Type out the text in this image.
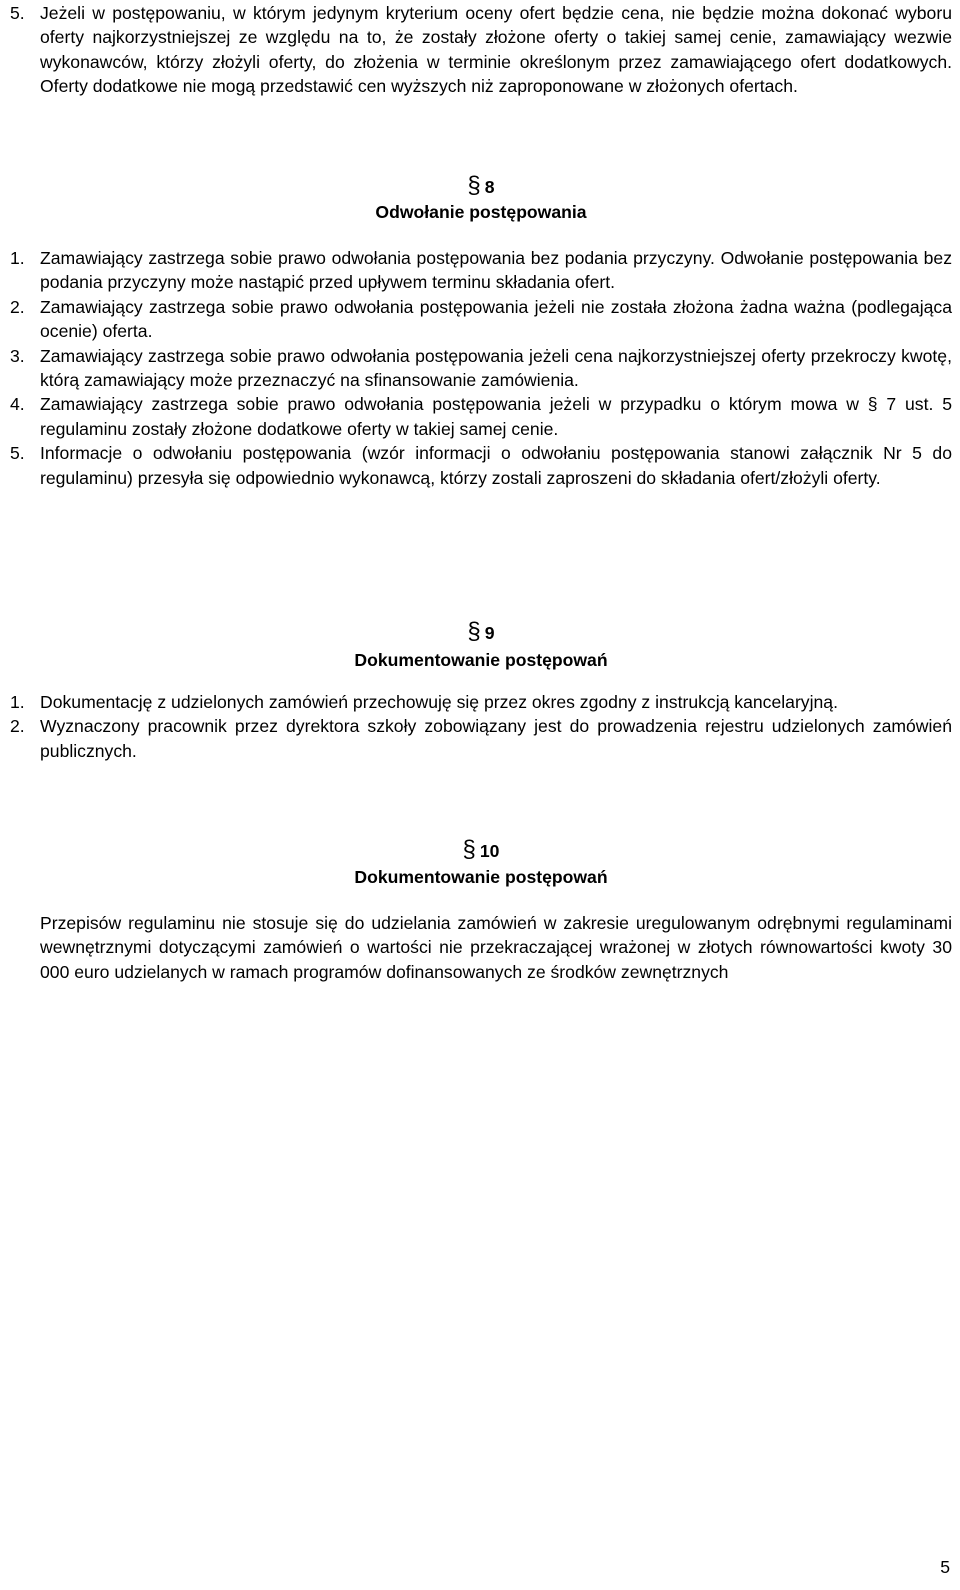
5. Jeżeli w postępowaniu, w którym jedynym kryterium oceny ofert będzie cena, nie będzie można dokonać wyboru oferty najkorzystniejszej ze względu na to, że zostały złożone oferty o takiej samej cenie, zamawiający wezwie wykonawców, którzy złożyli oferty, do złożenia w terminie określonym przez zamawiającego ofert dodatkowych. Oferty dodatkowe nie mogą przedstawić cen wyższych niż zaproponowane w złożonych ofertach.
§ 8
Odwołanie postępowania
1. Zamawiający zastrzega sobie prawo odwołania postępowania bez podania przyczyny. Odwołanie postępowania bez podania przyczyny może nastąpić przed upływem terminu składania ofert.
2. Zamawiający zastrzega sobie prawo odwołania postępowania jeżeli nie została złożona żadna ważna (podlegająca ocenie) oferta.
3. Zamawiający zastrzega sobie prawo odwołania postępowania jeżeli cena najkorzystniejszej oferty przekroczy kwotę, którą zamawiający może przeznaczyć na sfinansowanie zamówienia.
4. Zamawiający zastrzega sobie prawo odwołania postępowania jeżeli w przypadku o którym mowa w § 7 ust. 5 regulaminu zostały złożone dodatkowe oferty w takiej samej cenie.
5. Informacje o odwołaniu postępowania (wzór informacji o odwołaniu postępowania stanowi załącznik Nr 5 do regulaminu) przesyła się odpowiednio wykonawcą, którzy zostali zaproszeni do składania ofert/złożyli oferty.
§ 9
Dokumentowanie postępowań
1. Dokumentację z udzielonych zamówień przechowuję się przez okres zgodny z instrukcją kancelaryjną.
2. Wyznaczony pracownik przez dyrektora szkoły zobowiązany jest do prowadzenia rejestru udzielonych zamówień publicznych.
§ 10
Dokumentowanie postępowań
Przepisów regulaminu nie stosuje się do udzielania zamówień w zakresie uregulowanym odrębnymi regulaminami wewnętrznymi dotyczącymi zamówień o wartości nie przekraczającej wrażonej w złotych równowartości kwoty 30 000 euro udzielanych w ramach programów dofinansowanych ze środków zewnętrznych
5
